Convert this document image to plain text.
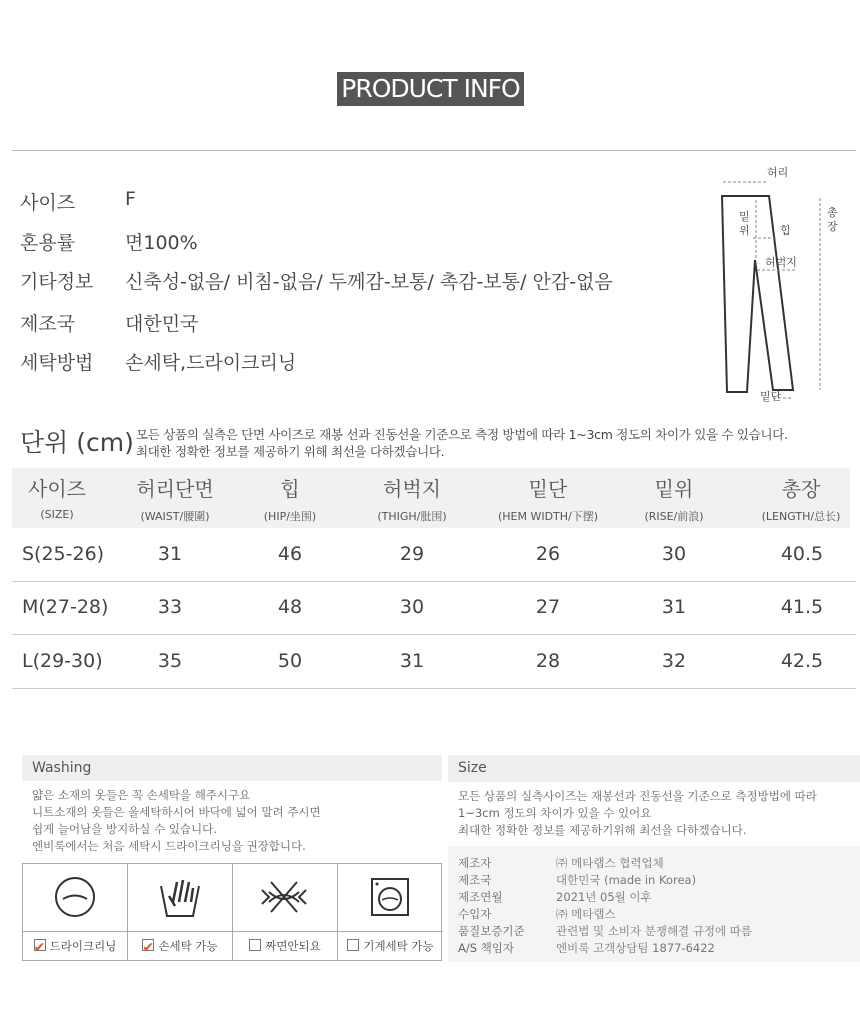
PRODUCT INFO
사이즈	F
혼용률	면100%
기타정보 신축성-없음/ 비침-없음/ 두께감-보통/ 촉감-보통/ 안감-없음
제조국	대한민국
세탁방법 손세탁,드라이크리닝
허리
총
장
밑
위	힙
허벅지
밑단
단위 (cm) 모든 상품의 실측은 단면 사이즈로 재봉 선과 진동선을 기준으로 측정 방법에 따라 1~3cm 정도의 차이가 있을 수 있습니다.
최대한 정확한 정보를 제공하기 위해 최선을 다하겠습니다.
사이즈
(SIZE)
허리단면
(WAIST/腰圍)
힙
(HIP/坐围)
허벅지
(THIGH/肶围)
밑단
(HEM WIDTH/下摆)
밑위
(RISE/前浪)
총장
(LENGTH/总长)
S(25-26)	31	46	29	26	30	40.5
M(27-28)	33	48	30	27	31	41.5
L(29-30)	35	50	31	28	32	42.5
Washing
얇은 소재의 옷들은 꼭 손세탁을 해주시구요
니트소재의 옷들은 울세탁하시어 바닥에 넓어 말려 주시면
쉽게 늘어남을 방지하실 수 있습니다.
엔비룩에서는 처음 세탁시 드라이크리닝을 권장합니다.
✔드라이크리닝
✔	손세탁 가능	짜면안되요	기계세탁 가능
Size
모든 상품의 실측사이즈는 재봉선과 진동선을 기준으로 측정방법에 따라
1~3cm 정도의 차이가 있을 수 있어요
최대한 정확한 정보를 제공하기위해 최선을 다하겠습니다.
제조자	㈜ 메타랩스 협력업체
제조국	대한민국 (made in Korea)
제조연월	2021년 05월 이후
수입자	㈜ 메타랩스
품질보증기준	관련법 및 소비자 분쟁해결 규정에 따름
A/S 책임자	엔비룩 고객상담팀 1877-6422
